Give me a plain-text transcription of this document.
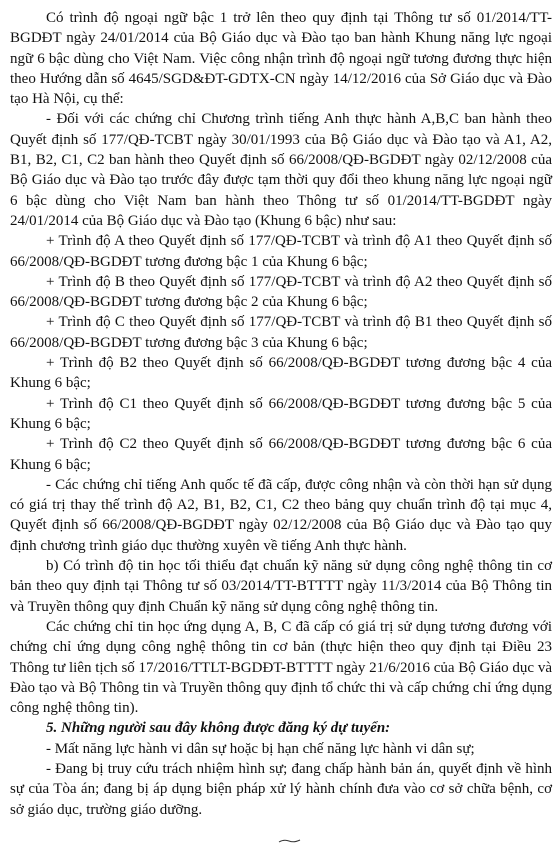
Có trình độ ngoại ngữ bậc 1 trở lên theo quy định tại Thông tư số 01/2014/TT-BGDĐT ngày 24/01/2014 của Bộ Giáo dục và Đào tạo ban hành Khung năng lực ngoại ngữ 6 bậc dùng cho Việt Nam. Việc công nhận trình độ ngoại ngữ tương đương thực hiện theo Hướng dẫn số 4645/SGD&ĐT-GDTX-CN ngày 14/12/2016 của Sở Giáo dục và Đào tạo Hà Nội, cụ thể:

- Đối với các chứng chỉ Chương trình tiếng Anh thực hành A,B,C ban hành theo Quyết định số 177/QĐ-TCBT ngày 30/01/1993 của Bộ Giáo dục và Đào tạo và A1, A2, B1, B2, C1, C2 ban hành theo Quyết định số 66/2008/QĐ-BGDĐT ngày 02/12/2008 của Bộ Giáo dục và Đào tạo trước đây được tạm thời quy đổi theo khung năng lực ngoại ngữ 6 bậc dùng cho Việt Nam ban hành theo Thông tư số 01/2014/TT-BGDĐT ngày 24/01/2014 của Bộ Giáo dục và Đào tạo (Khung 6 bậc) như sau:

+ Trình độ A theo Quyết định số 177/QĐ-TCBT và trình độ A1 theo Quyết định số 66/2008/QĐ-BGDĐT tương đương bậc 1 của Khung 6 bậc;

+ Trình độ B theo Quyết định số 177/QĐ-TCBT và trình độ A2 theo Quyết định số 66/2008/QĐ-BGDĐT tương đương bậc 2 của Khung 6 bậc;

+ Trình độ C theo Quyết định số 177/QĐ-TCBT và trình độ B1 theo Quyết định số 66/2008/QĐ-BGDĐT tương đương bậc 3 của Khung 6 bậc;

+ Trình độ B2 theo Quyết định số 66/2008/QĐ-BGDĐT tương đương bậc 4 của Khung 6 bậc;

+ Trình độ C1 theo Quyết định số 66/2008/QĐ-BGDĐT tương đương bậc 5 của Khung 6 bậc;

+ Trình độ C2 theo Quyết định số 66/2008/QĐ-BGDĐT tương đương bậc 6 của Khung 6 bậc;

- Các chứng chỉ tiếng Anh quốc tế đã cấp, được công nhận và còn thời hạn sử dụng có giá trị thay thế trình độ A2, B1, B2, C1, C2 theo bảng quy chuẩn trình độ tại mục 4, Quyết định số 66/2008/QĐ-BGDĐT ngày 02/12/2008 của Bộ Giáo dục và Đào tạo quy định chương trình giáo dục thường xuyên về tiếng Anh thực hành.

b) Có trình độ tin học tối thiểu đạt chuẩn kỹ năng sử dụng công nghệ thông tin cơ bản theo quy định tại Thông tư số 03/2014/TT-BTTTT ngày 11/3/2014 của Bộ Thông tin và Truyền thông quy định Chuẩn kỹ năng sử dụng công nghệ thông tin.

Các chứng chỉ tin học ứng dụng A, B, C đã cấp có giá trị sử dụng tương đương với chứng chỉ ứng dụng công nghệ thông tin cơ bản (thực hiện theo quy định tại Điều 23 Thông tư liên tịch số 17/2016/TTLT-BGDĐT-BTTTT ngày 21/6/2016 của Bộ Giáo dục và Đào tạo và Bộ Thông tin và Truyền thông quy định tổ chức thi và cấp chứng chỉ ứng dụng công nghệ thông tin).

5. Những người sau đây không được đăng ký dự tuyển:

- Mất năng lực hành vi dân sự hoặc bị hạn chế năng lực hành vi dân sự;

- Đang bị truy cứu trách nhiệm hình sự; đang chấp hành bản án, quyết định về hình sự của Tòa án; đang bị áp dụng biện pháp xử lý hành chính đưa vào cơ sở chữa bệnh, cơ sở giáo dục, trường giáo dưỡng.
